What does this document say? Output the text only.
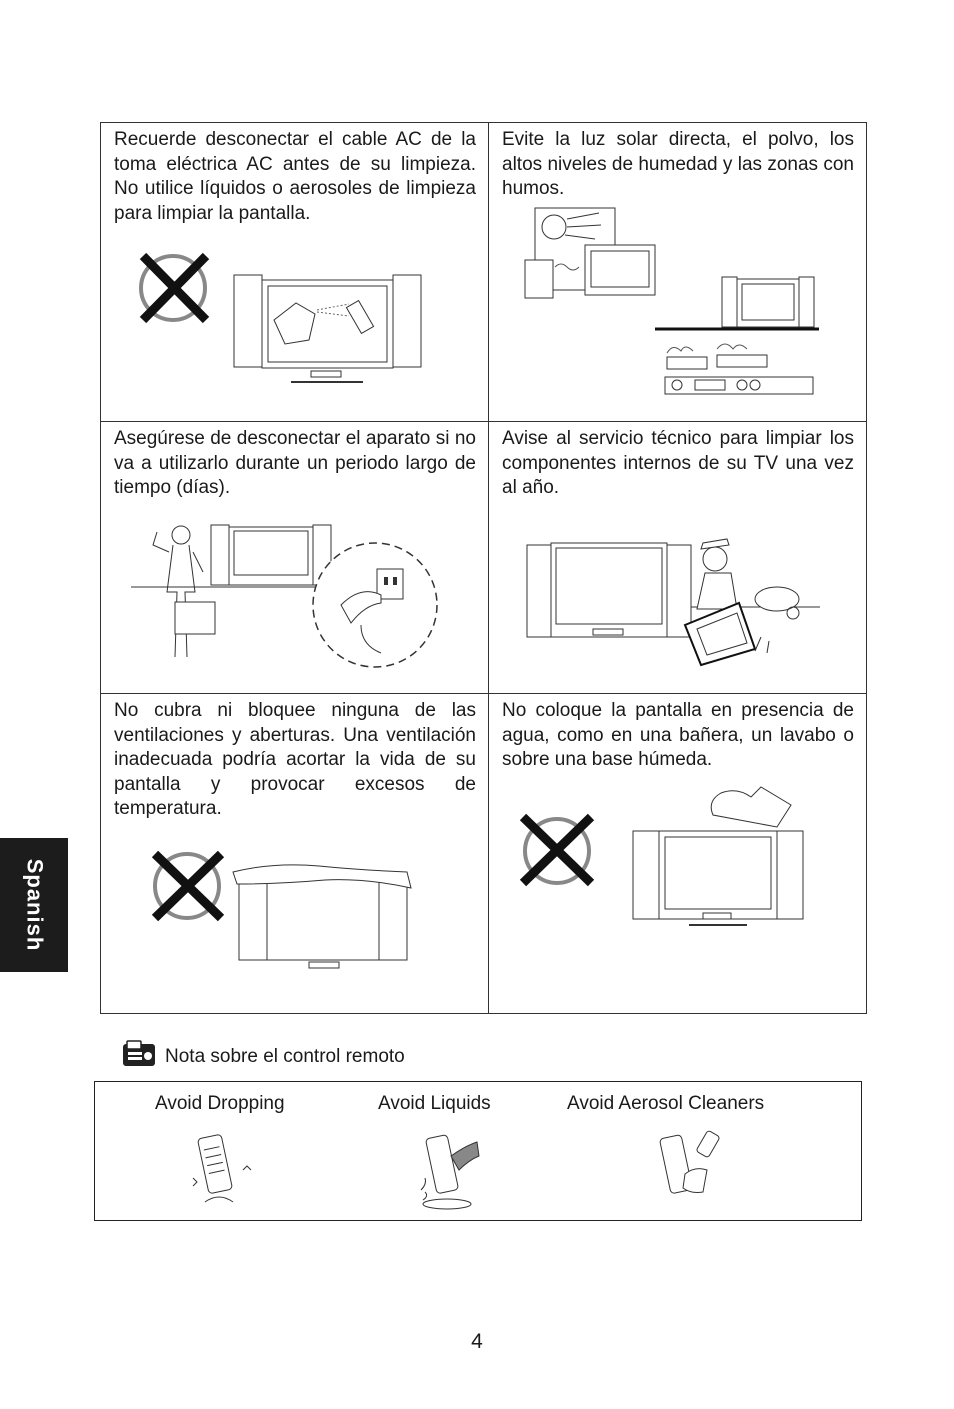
Spanish

Recuerde desconectar el cable AC de la toma eléctrica AC antes de su limpieza. No utilice líquidos o aerosoles de limpieza para limpiar la pantalla.

Evite la luz solar directa, el polvo, los altos niveles de humedad y las zonas con humos.

Asegúrese de desconectar el aparato si no va a utilizarlo durante un periodo largo de tiempo (días).

Avise al servicio técnico para limpiar los componentes internos de su TV una vez al año.

No cubra ni bloquee ninguna de las ventilaciones y aberturas. Una ventilación inadecuada podría acortar la vida de su pantalla y provocar excesos de temperatura.

No coloque la pantalla en presencia de agua, como en una bañera, un lavabo o sobre una base húmeda.

Nota sobre el control remoto
Avoid Dropping	Avoid Liquids	Avoid Aerosol Cleaners
4
